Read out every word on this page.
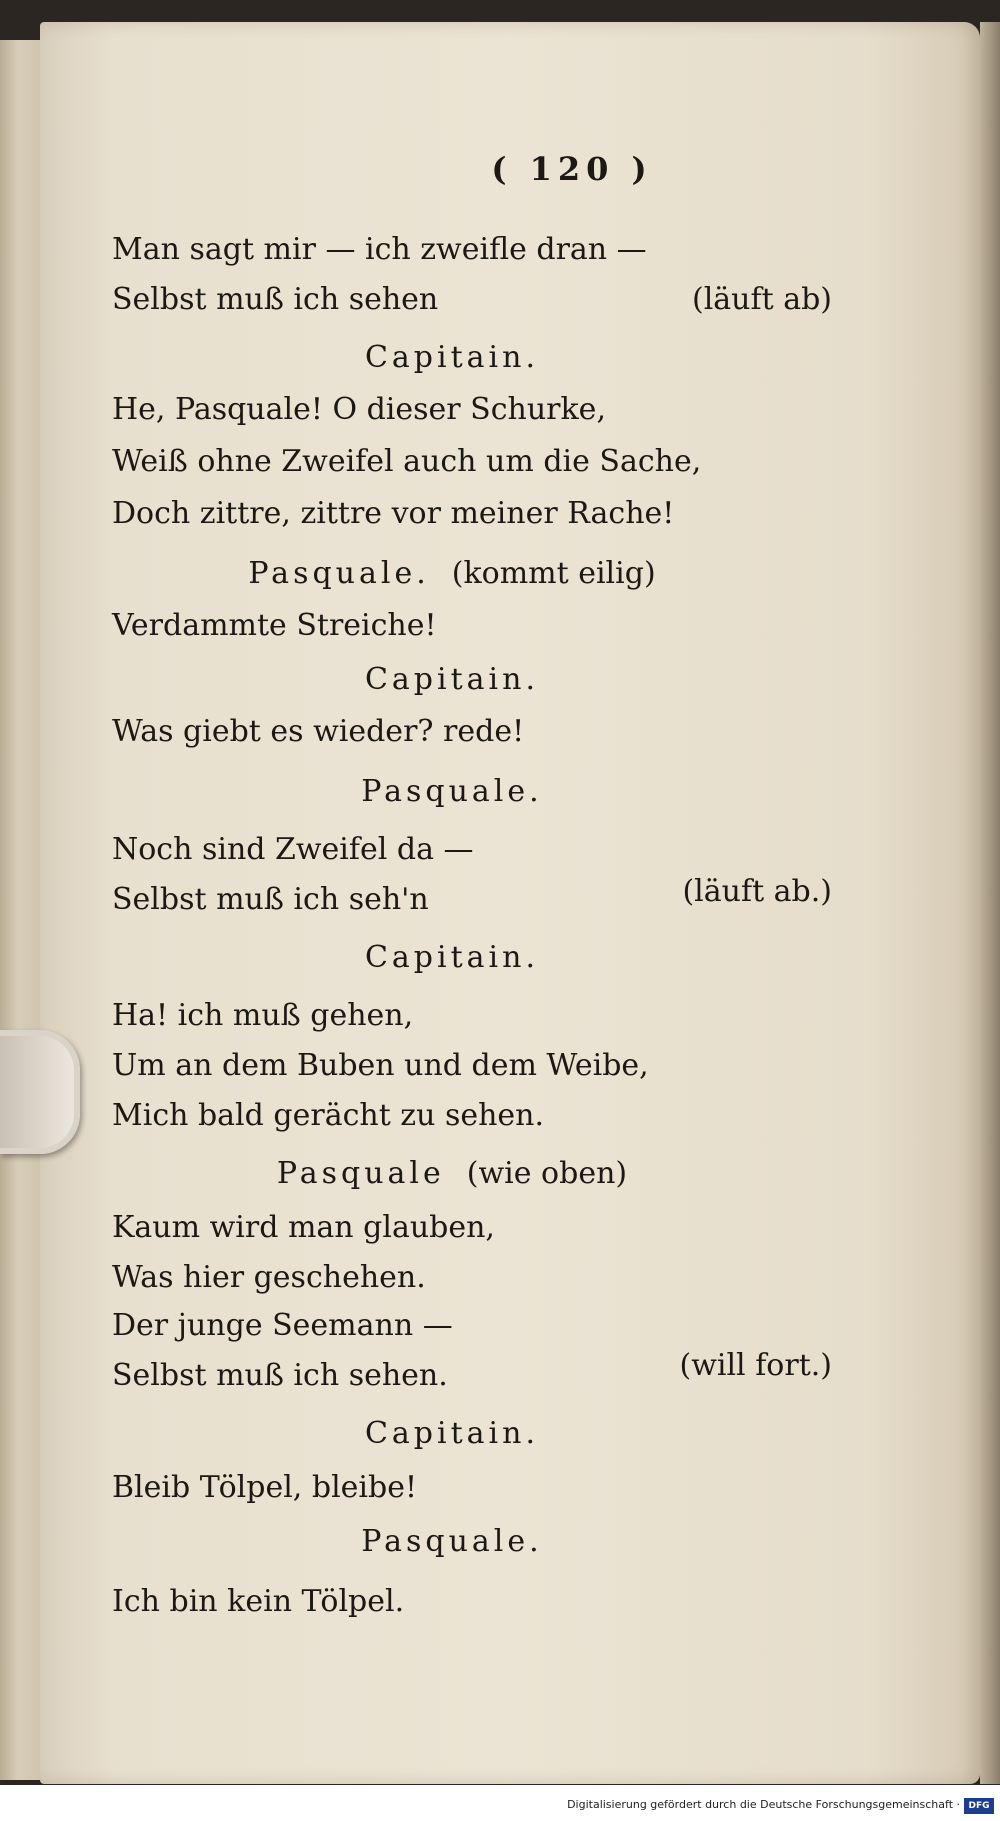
( 120 )
Man sagt mir — ich zweifle dran —
Selbst muß ich sehen	(läuft ab)
Capitain.
He, Pasquale! O dieser Schurke,
Weiß ohne Zweifel auch um die Sache,
Doch zittre, zittre vor meiner Rache!
Pasquale. (kommt eilig)
Verdammte Streiche!
Capitain.
Was giebt es wieder? rede!
Pasquale.
Noch sind Zweifel da —
Selbst muß ich seh'n	(läuft ab.)
Capitain.
Ha! ich muß gehen,
Um an dem Buben und dem Weibe,
Mich bald gerächt zu sehen.
Pasquale (wie oben)
Kaum wird man glauben,
Was hier geschehen.
Der junge Seemann —
Selbst muß ich sehen.	(will fort.)
Capitain.
Bleib Tölpel, bleibe!
Pasquale.
Ich bin kein Tölpel.
Digitalisierung gefördert durch die Deutsche Forschungsgemeinschaft · DFG
